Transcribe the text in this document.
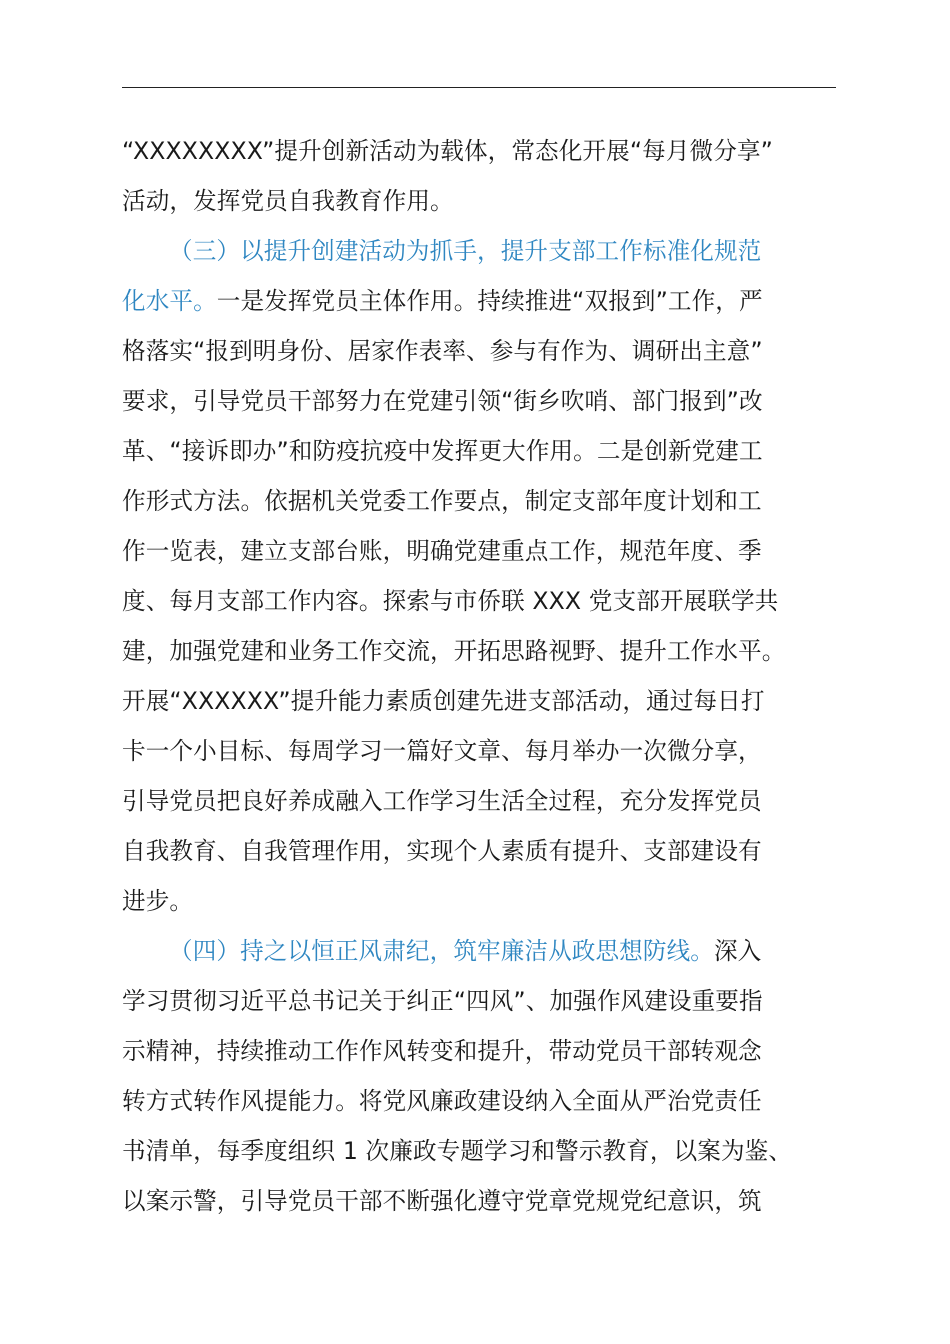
“XXXXXXXX”提升创新活动为载体，常态化开展“每月微分享”
活动，发挥党员自我教育作用。
（三）以提升创建活动为抓手，提升支部工作标准化规范
化水平。一是发挥党员主体作用。持续推进“双报到”工作，严
格落实“报到明身份、居家作表率、参与有作为、调研出主意”
要求，引导党员干部努力在党建引领“街乡吹哨、部门报到”改
革、“接诉即办”和防疫抗疫中发挥更大作用。二是创新党建工
作形式方法。依据机关党委工作要点，制定支部年度计划和工
作一览表，建立支部台账，明确党建重点工作，规范年度、季
度、每月支部工作内容。探索与市侨联 XXX 党支部开展联学共
建，加强党建和业务工作交流，开拓思路视野、提升工作水平。
开展“XXXXXX”提升能力素质创建先进支部活动，通过每日打
卡一个小目标、每周学习一篇好文章、每月举办一次微分享，
引导党员把良好养成融入工作学习生活全过程，充分发挥党员
自我教育、自我管理作用，实现个人素质有提升、支部建设有
进步。
（四）持之以恒正风肃纪，筑牢廉洁从政思想防线。深入
学习贯彻习近平总书记关于纠正“四风”、加强作风建设重要指
示精神，持续推动工作作风转变和提升，带动党员干部转观念
转方式转作风提能力。将党风廉政建设纳入全面从严治党责任
书清单，每季度组织 1 次廉政专题学习和警示教育，以案为鉴、
以案示警，引导党员干部不断强化遵守党章党规党纪意识，筑
